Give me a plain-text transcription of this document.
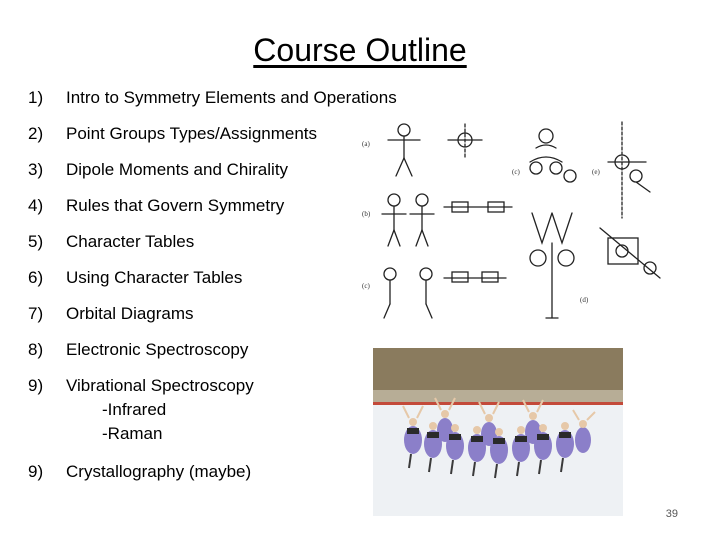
Course Outline
1)	Intro to Symmetry Elements and Operations
2)	Point Groups Types/Assignments
3)	Dipole Moments and Chirality
4)	Rules that Govern Symmetry
5)	Character Tables
6)	Using Character Tables
7)	Orbital Diagrams
8)	Electronic Spectroscopy
9)	Vibrational Spectroscopy
-Infrared
-Raman
9)	Crystallography (maybe)
(a)
(b)
(c)
(c)	(e)
(d)
39
